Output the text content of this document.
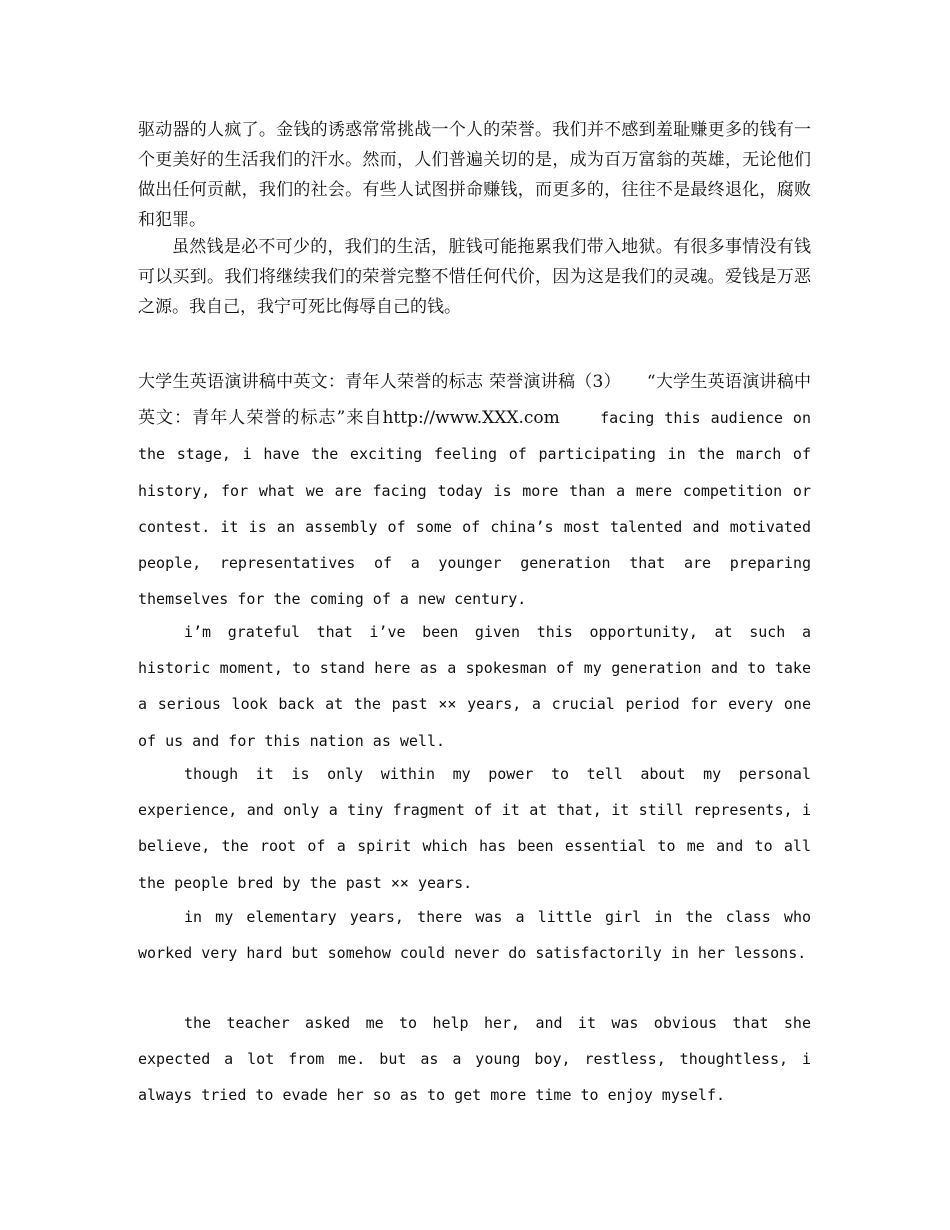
驱动器的人疯了。金钱的诱惑常常挑战一个人的荣誉。我们并不感到羞耻赚更多的钱有一个更美好的生活我们的汗水。然而，人们普遍关切的是，成为百万富翁的英雄，无论他们做出任何贡献，我们的社会。有些人试图拼命赚钱，而更多的，往往不是最终退化，腐败和犯罪。

虽然钱是必不可少的，我们的生活，脏钱可能拖累我们带入地狱。有很多事情没有钱可以买到。我们将继续我们的荣誉完整不惜任何代价，因为这是我们的灵魂。爱钱是万恶之源。我自己，我宁可死比侮辱自己的钱。

大学生英语演讲稿中英文：青年人荣誉的标志 荣誉演讲稿（3）　　“大学生英语演讲稿中英文：青年人荣誉的标志”来自http://www.XXX.com	facing this audience on the stage, i have the exciting feeling of participating in the march of history, for what we are facing today is more than a mere competition or contest. it is an assembly of some of china’s most talented and motivated people, representatives of a younger generation that are preparing themselves for the coming of a new century.

i’m grateful that i’ve been given this opportunity, at such a historic moment, to stand here as a spokesman of my generation and to take a serious look back at the past ×× years, a crucial period for every one of us and for this nation as well.

though it is only within my power to tell about my personal experience, and only a tiny fragment of it at that, it still represents, i believe, the root of a spirit which has been essential to me and to all the people bred by the past ×× years.

in my elementary years, there was a little girl in the class who worked very hard but somehow could never do satisfactorily in her lessons.

the teacher asked me to help her, and it was obvious that she expected a lot from me. but as a young boy, restless, thoughtless, i always tried to evade her so as to get more time to enjoy myself.
